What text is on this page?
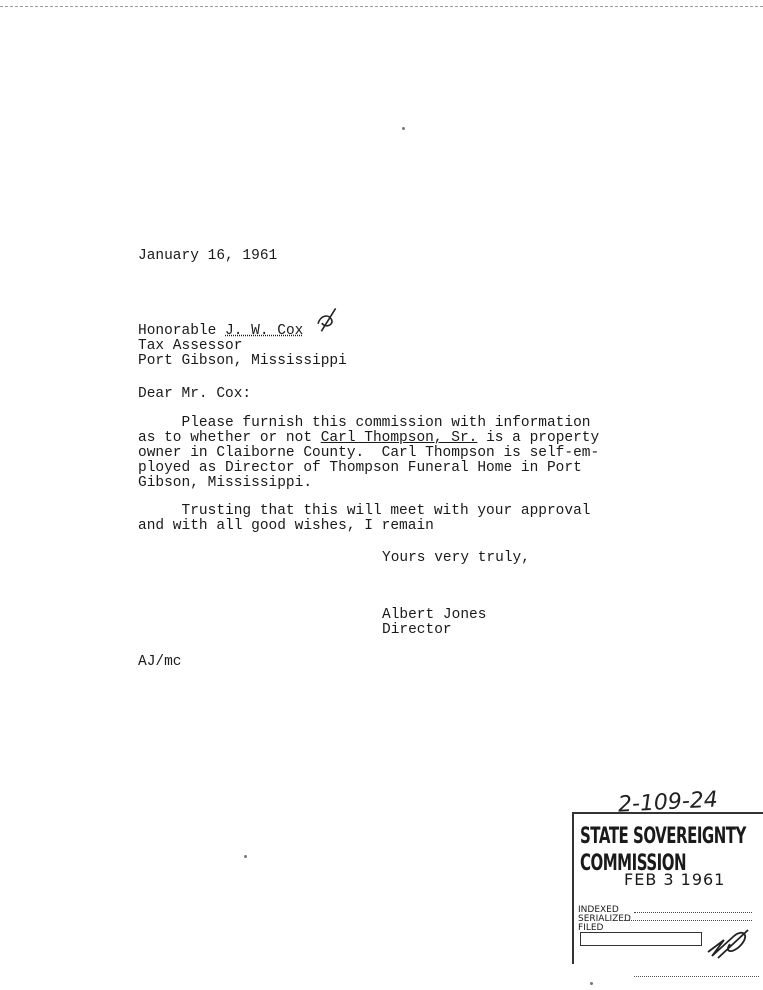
January 16, 1961
Honorable J. W. Cox
Tax Assessor
Port Gibson, Mississippi
Dear Mr. Cox:
Please furnish this commission with information
as to whether or not Carl Thompson, Sr. is a property
owner in Claiborne County.  Carl Thompson is self-em-
ployed as Director of Thompson Funeral Home in Port
Gibson, Mississippi.
Trusting that this will meet with your approval
and with all good wishes, I remain
Yours very truly,
Albert Jones
Director
AJ/mc
2-109-24
STATE SOVEREIGNTY COMMISSION
FEB 3 1961
INDEXED
SERIALIZED
FILED
